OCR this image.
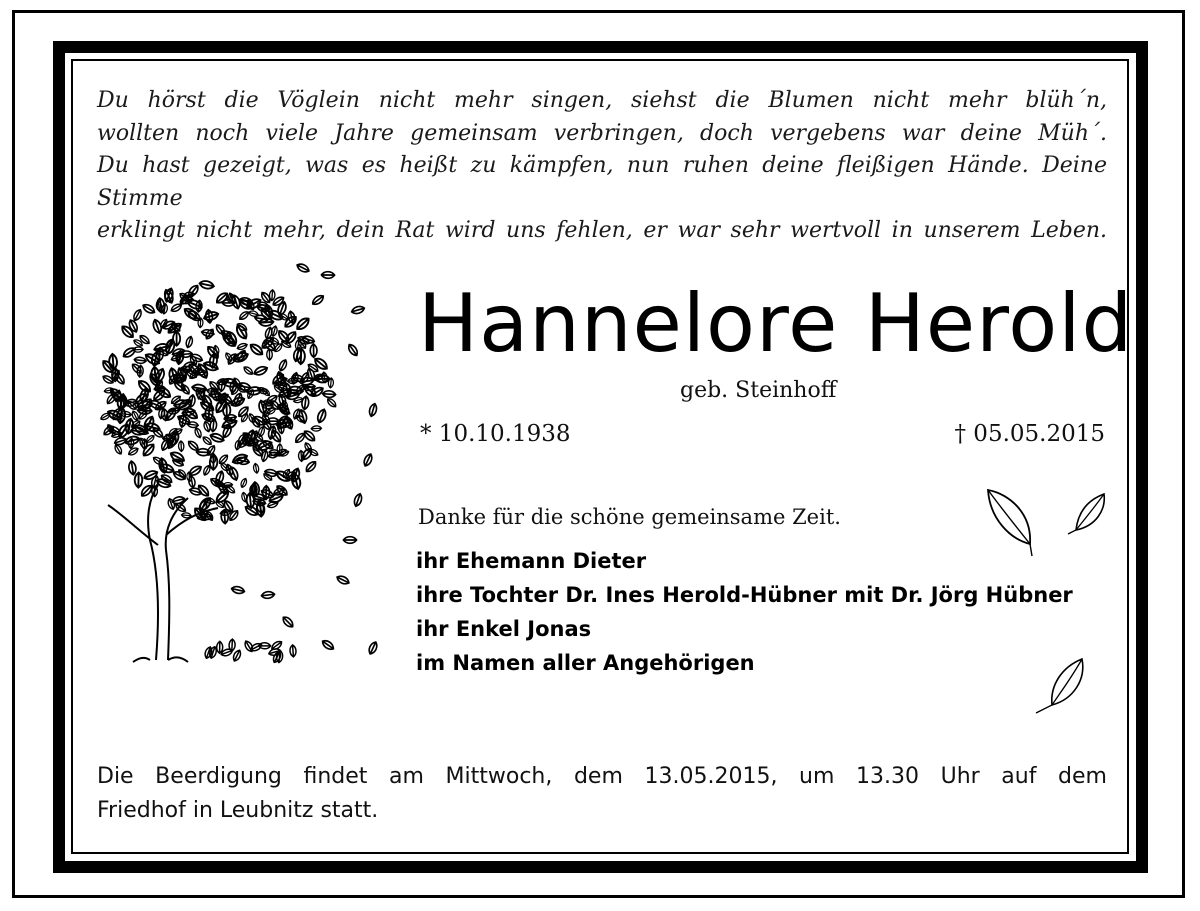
Du hörst die Vöglein nicht mehr singen, siehst die Blumen nicht mehr blüh´n,
wollten noch viele Jahre gemeinsam verbringen, doch vergebens war deine Müh´.
Du hast gezeigt, was es heißt zu kämpfen, nun ruhen deine fleißigen Hände. Deine Stimme
erklingt nicht mehr, dein Rat wird uns fehlen, er war sehr wertvoll in unserem Leben.
Hannelore Herold
geb. Steinhoff
* 10.10.1938	† 05.05.2015
Danke für die schöne gemeinsame Zeit.
ihr Ehemann Dieter
ihre Tochter Dr. Ines Herold-Hübner mit Dr. Jörg Hübner
ihr Enkel Jonas
im Namen aller Angehörigen
Die Beerdigung findet am Mittwoch, dem 13.05.2015, um 13.30 Uhr auf dem
Friedhof in Leubnitz statt.
